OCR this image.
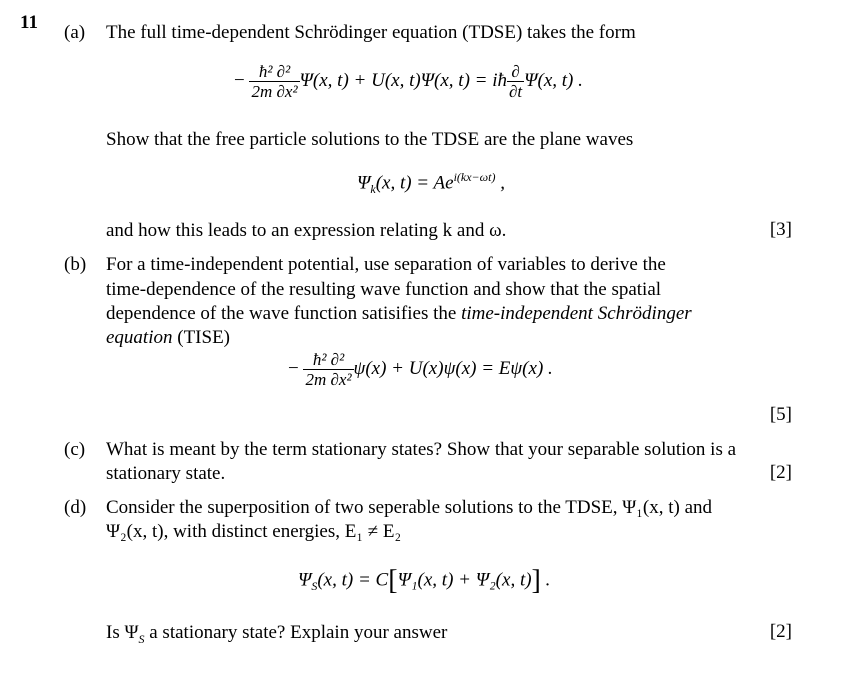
11 (a) The full time-dependent Schrödinger equation (TDSE) takes the form
− $\frac{\text{ħ² ∂²}}{\text{2m ∂x²}} \Psi(x$, t) + U(x, t)Ψ(x, t) = iħ $\frac{\partial}{\partial t} \Psi(x$, t) .
Show that the free particle solutions to the TDSE are the plane waves
$\Psi_k(x$, $t) = Ae^{i(kx-\omega t)}$ ,
and how this leads to an expression relating k and ω.	[3]
(b) For a time-independent potential, use separation of variables to derive the
time-dependence of the resulting wave function and show that the spatial
dependence of the wave function satisifies the time-independent Schrödinger
equation (TISE)
− $\frac{\text{ħ² ∂²}}{\text{2m ∂x²}} \psi(x) + U(x)\psi(x) = E\psi(x)$ .
[5]
(c) What is meant by the term stationary states? Show that your separable solution is a
stationary state.	[2]
(d) Consider the superposition of two seperable solutions to the TDSE, Ψ₁(x, t) and
Ψ₂(x, t), with distinct energies, E₁ ≠ E₂
$\Psi_S(x$, t) = C[Ψ₁(x, t) + Ψ₂(x, t)] .
Is $\Psi_S$ a stationary state? Explain your answer	[2]
